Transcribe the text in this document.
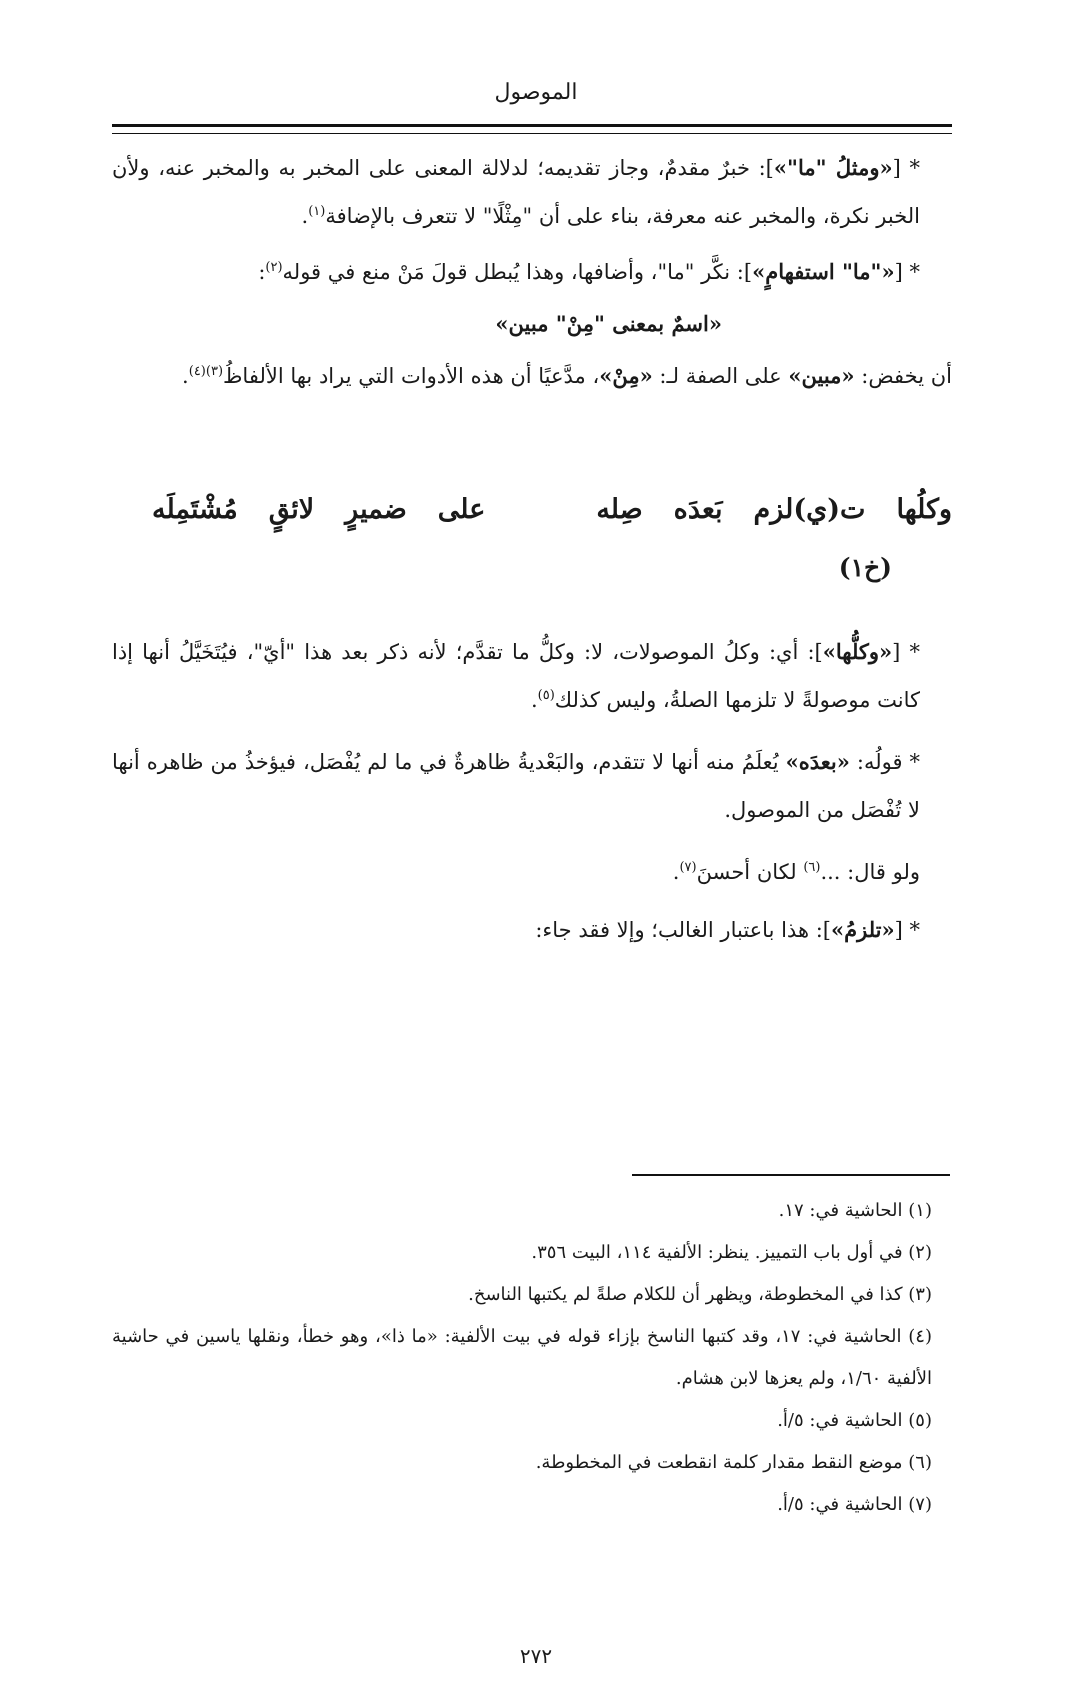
الموصول

* [«ومثلُ "ما"»]: خبرٌ مقدمٌ، وجاز تقديمه؛ لدلالة المعنى على المخبر به والمخبر عنه، ولأن الخبر نكرة، والمخبر عنه معرفة، بناء على أن "مِثْلًا" لا تتعرف بالإضافة$^{(١)}$.

* [«"ما" استفهامٍ»]: نكَّر "ما"، وأضافها، وهذا يُبطل قولَ مَنْ منع في قوله$^{(٢)}$:

«اسمٌ بمعنى "مِنْ" مبين»

أن يخفض: «مبين» على الصفة لـ: «مِنْ»، مدَّعيًا أن هذه الأدوات التي يراد بها الألفاظُ$^{(٣)(٤)}$.

وكلُها
ت(ي)لزم
بَعدَه
صِله
على
ضميرٍ
لائقٍ
مُشْتَمِلَه
(خ١)

* [«وكلُّها»]: أي: وكلُ الموصولات، لا: وكلُّ ما تقدَّم؛ لأنه ذكر بعد هذا "أيّ"، فيُتَخَيَّلُ أنها إذا كانت موصولةً لا تلزمها الصلةُ، وليس كذلك$^{(٥)}$.

* قولُه: «بعدَه» يُعلَمُ منه أنها لا تتقدم، والبَعْديةُ ظاهرةٌ في ما لم يُفْصَل، فيؤخذُ من ظاهره أنها لا تُفْصَل من الموصول.

ولو قال: ...$^{(٦)}$ لكان أحسنَ$^{(٧)}$.

* [«تلزمُ»]: هذا باعتبار الغالب؛ وإلا فقد جاء:

(١) الحاشية في: ١٧.

(٢) في أول باب التمييز. ينظر: الألفية ١١٤، البيت ٣٥٦.

(٣) كذا في المخطوطة، ويظهر أن للكلام صلةً لم يكتبها الناسخ.

(٤) الحاشية في: ١٧، وقد كتبها الناسخ بإزاء قوله في بيت الألفية: «ما ذا»، وهو خطأ، ونقلها ياسين في حاشية الألفية ١/٦٠، ولم يعزها لابن هشام.

(٥) الحاشية في: ٥/أ.

(٦) موضع النقط مقدار كلمة انقطعت في المخطوطة.

(٧) الحاشية في: ٥/أ.

٢٧٢
